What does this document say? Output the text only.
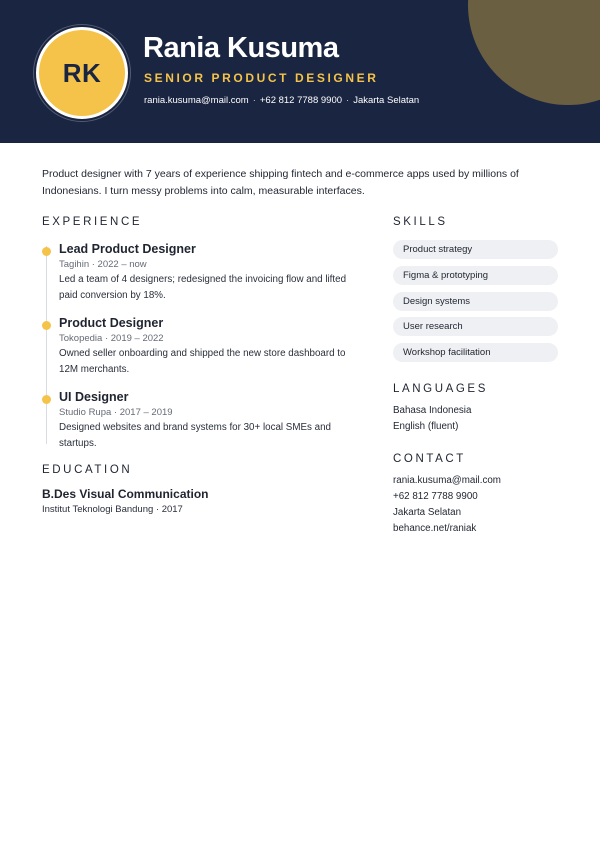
RK
Rania Kusuma
SENIOR PRODUCT DESIGNER
rania.kusuma@mail.com · +62 812 7788 9900 · Jakarta Selatan

Product designer with 7 years of experience shipping fintech and e-commerce apps used by millions of Indonesians. I turn messy problems into calm, measurable interfaces.

EXPERIENCE
Lead Product Designer
Tagihin · 2022 – now
Led a team of 4 designers; redesigned the invoicing flow and lifted paid conversion by 18%.
Product Designer
Tokopedia · 2019 – 2022
Owned seller onboarding and shipped the new store dashboard to 12M merchants.
UI Designer
Studio Rupa · 2017 – 2019
Designed websites and brand systems for 30+ local SMEs and startups.
EDUCATION
B.Des Visual Communication
Institut Teknologi Bandung · 2017
SKILLS
Product strategy
Figma & prototyping
Design systems
User research
Workshop facilitation
LANGUAGES
Bahasa Indonesia
English (fluent)
CONTACT
rania.kusuma@mail.com
+62 812 7788 9900
Jakarta Selatan
behance.net/raniak
